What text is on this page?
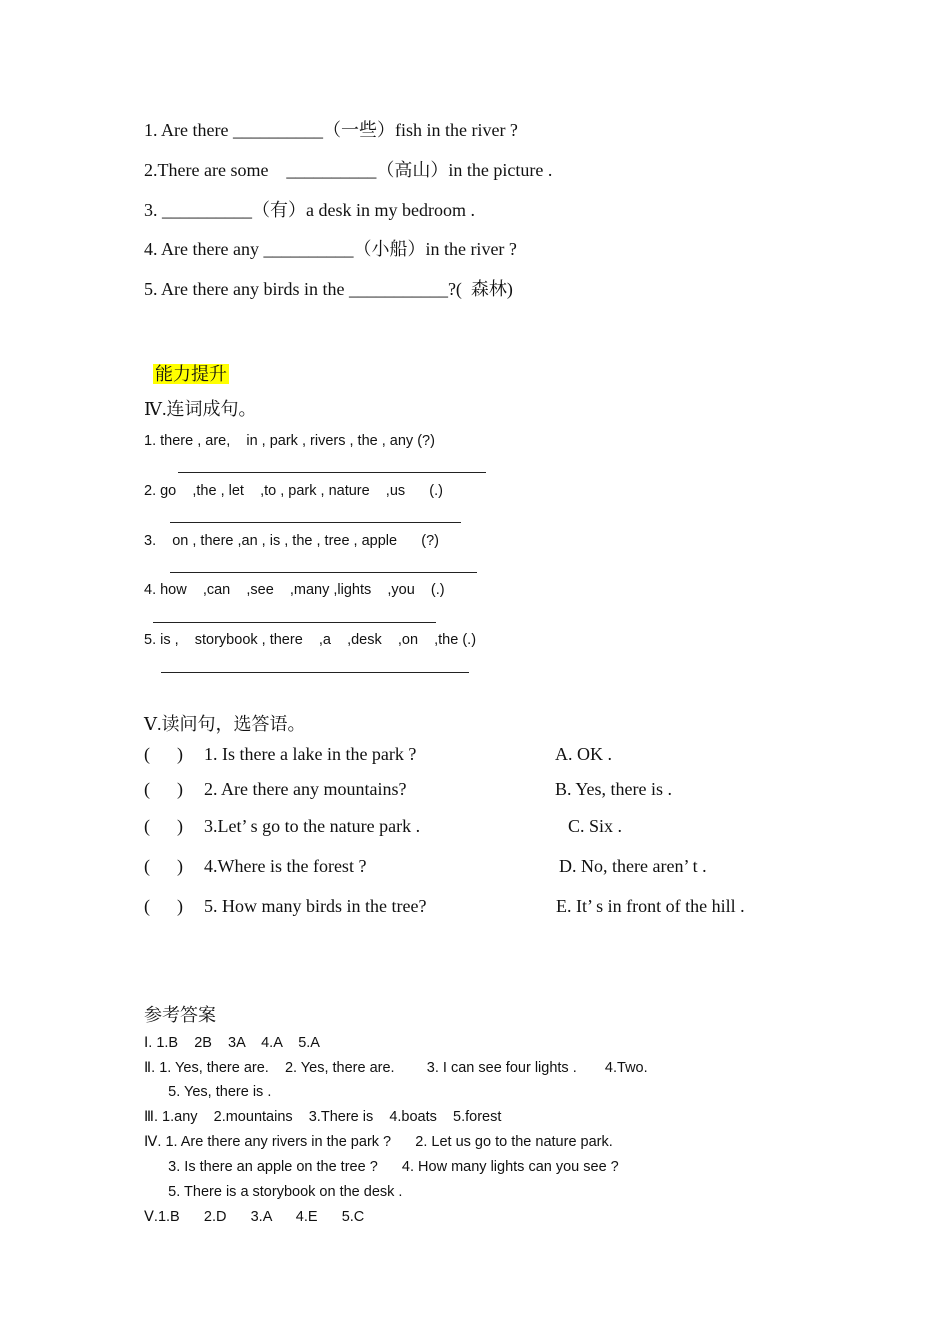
1. Are there __________（一些）fish in the river ?
2.There are some    __________（高山）in the picture .
3. __________（有）a desk in my bedroom .
4. Are there any __________（小船）in the river ?
5. Are there any birds in the ___________?(  森林)

能力提升

Ⅳ.连词成句。
1. there , are,    in , park , rivers , the , any (?)
2. go    ,the , let    ,to , park , nature    ,us      (.)
3.    on , there ,an , is , the , tree , apple      (?)
4. how    ,can    ,see    ,many ,lights    ,you    (.)
5. is ,    storybook , there    ,a    ,desk    ,on    ,the (.)
Ⅴ.读问句，选答语。
(      ) 1. Is there a lake in the park ?	A. OK .
(      ) 2. Are there any mountains?	B. Yes, there is .
(      ) 3.Let’ s go to the nature park .	C. Six .
(      ) 4.Where is the forest ?	D. No, there aren’ t .
(      ) 5. How many birds in the tree?	E. It’ s in front of the hill .
参考答案
Ⅰ. 1.B    2B    3A    4.A    5.A
Ⅱ. 1. Yes, there are.    2. Yes, there are.        3. I can see four lights .       4.Two.
5. Yes, there is .
Ⅲ. 1.any    2.mountains    3.There is    4.boats    5.forest
Ⅳ. 1. Are there any rivers in the park ?      2. Let us go to the nature park.
3. Is there an apple on the tree ?      4. How many lights can you see ?
5. There is a storybook on the desk .
Ⅴ.1.B      2.D      3.A      4.E      5.C
